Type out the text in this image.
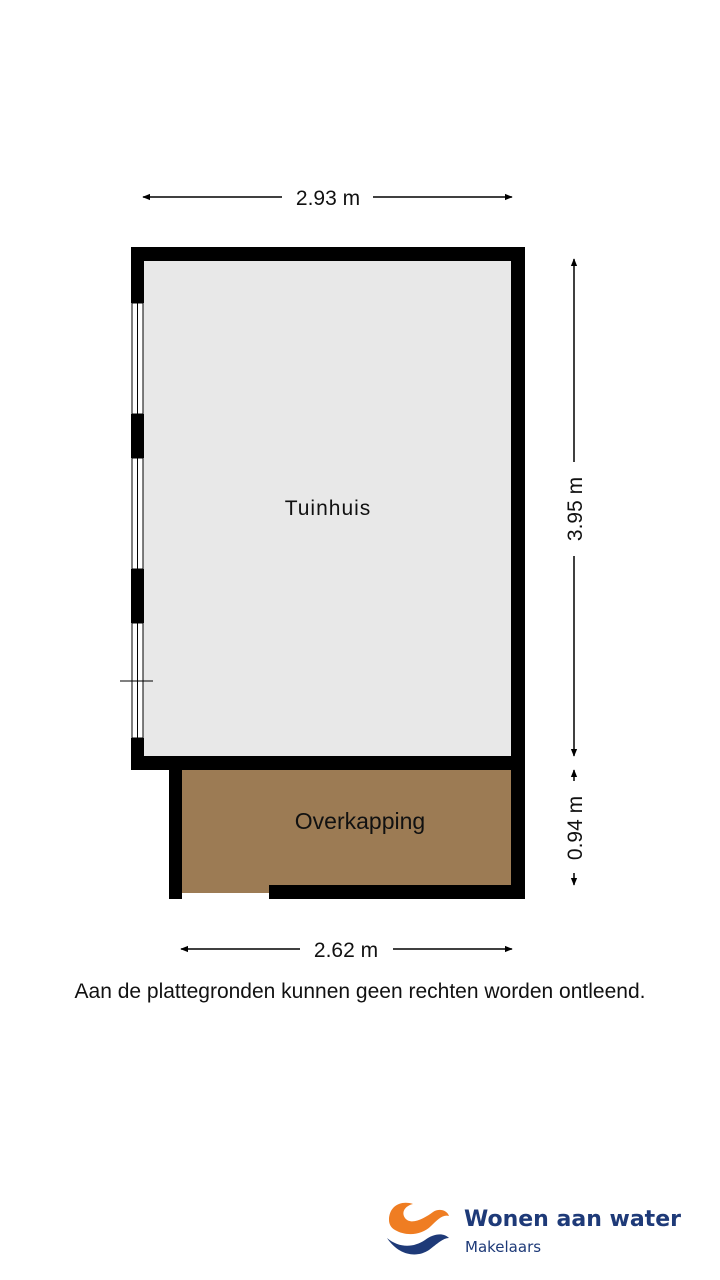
Tuinhuis
Overkapping
2.93 m
3.95 m
0.94 m
2.62 m
Aan de plattegronden kunnen geen rechten worden ontleend.
Wonen aan water
Makelaars
